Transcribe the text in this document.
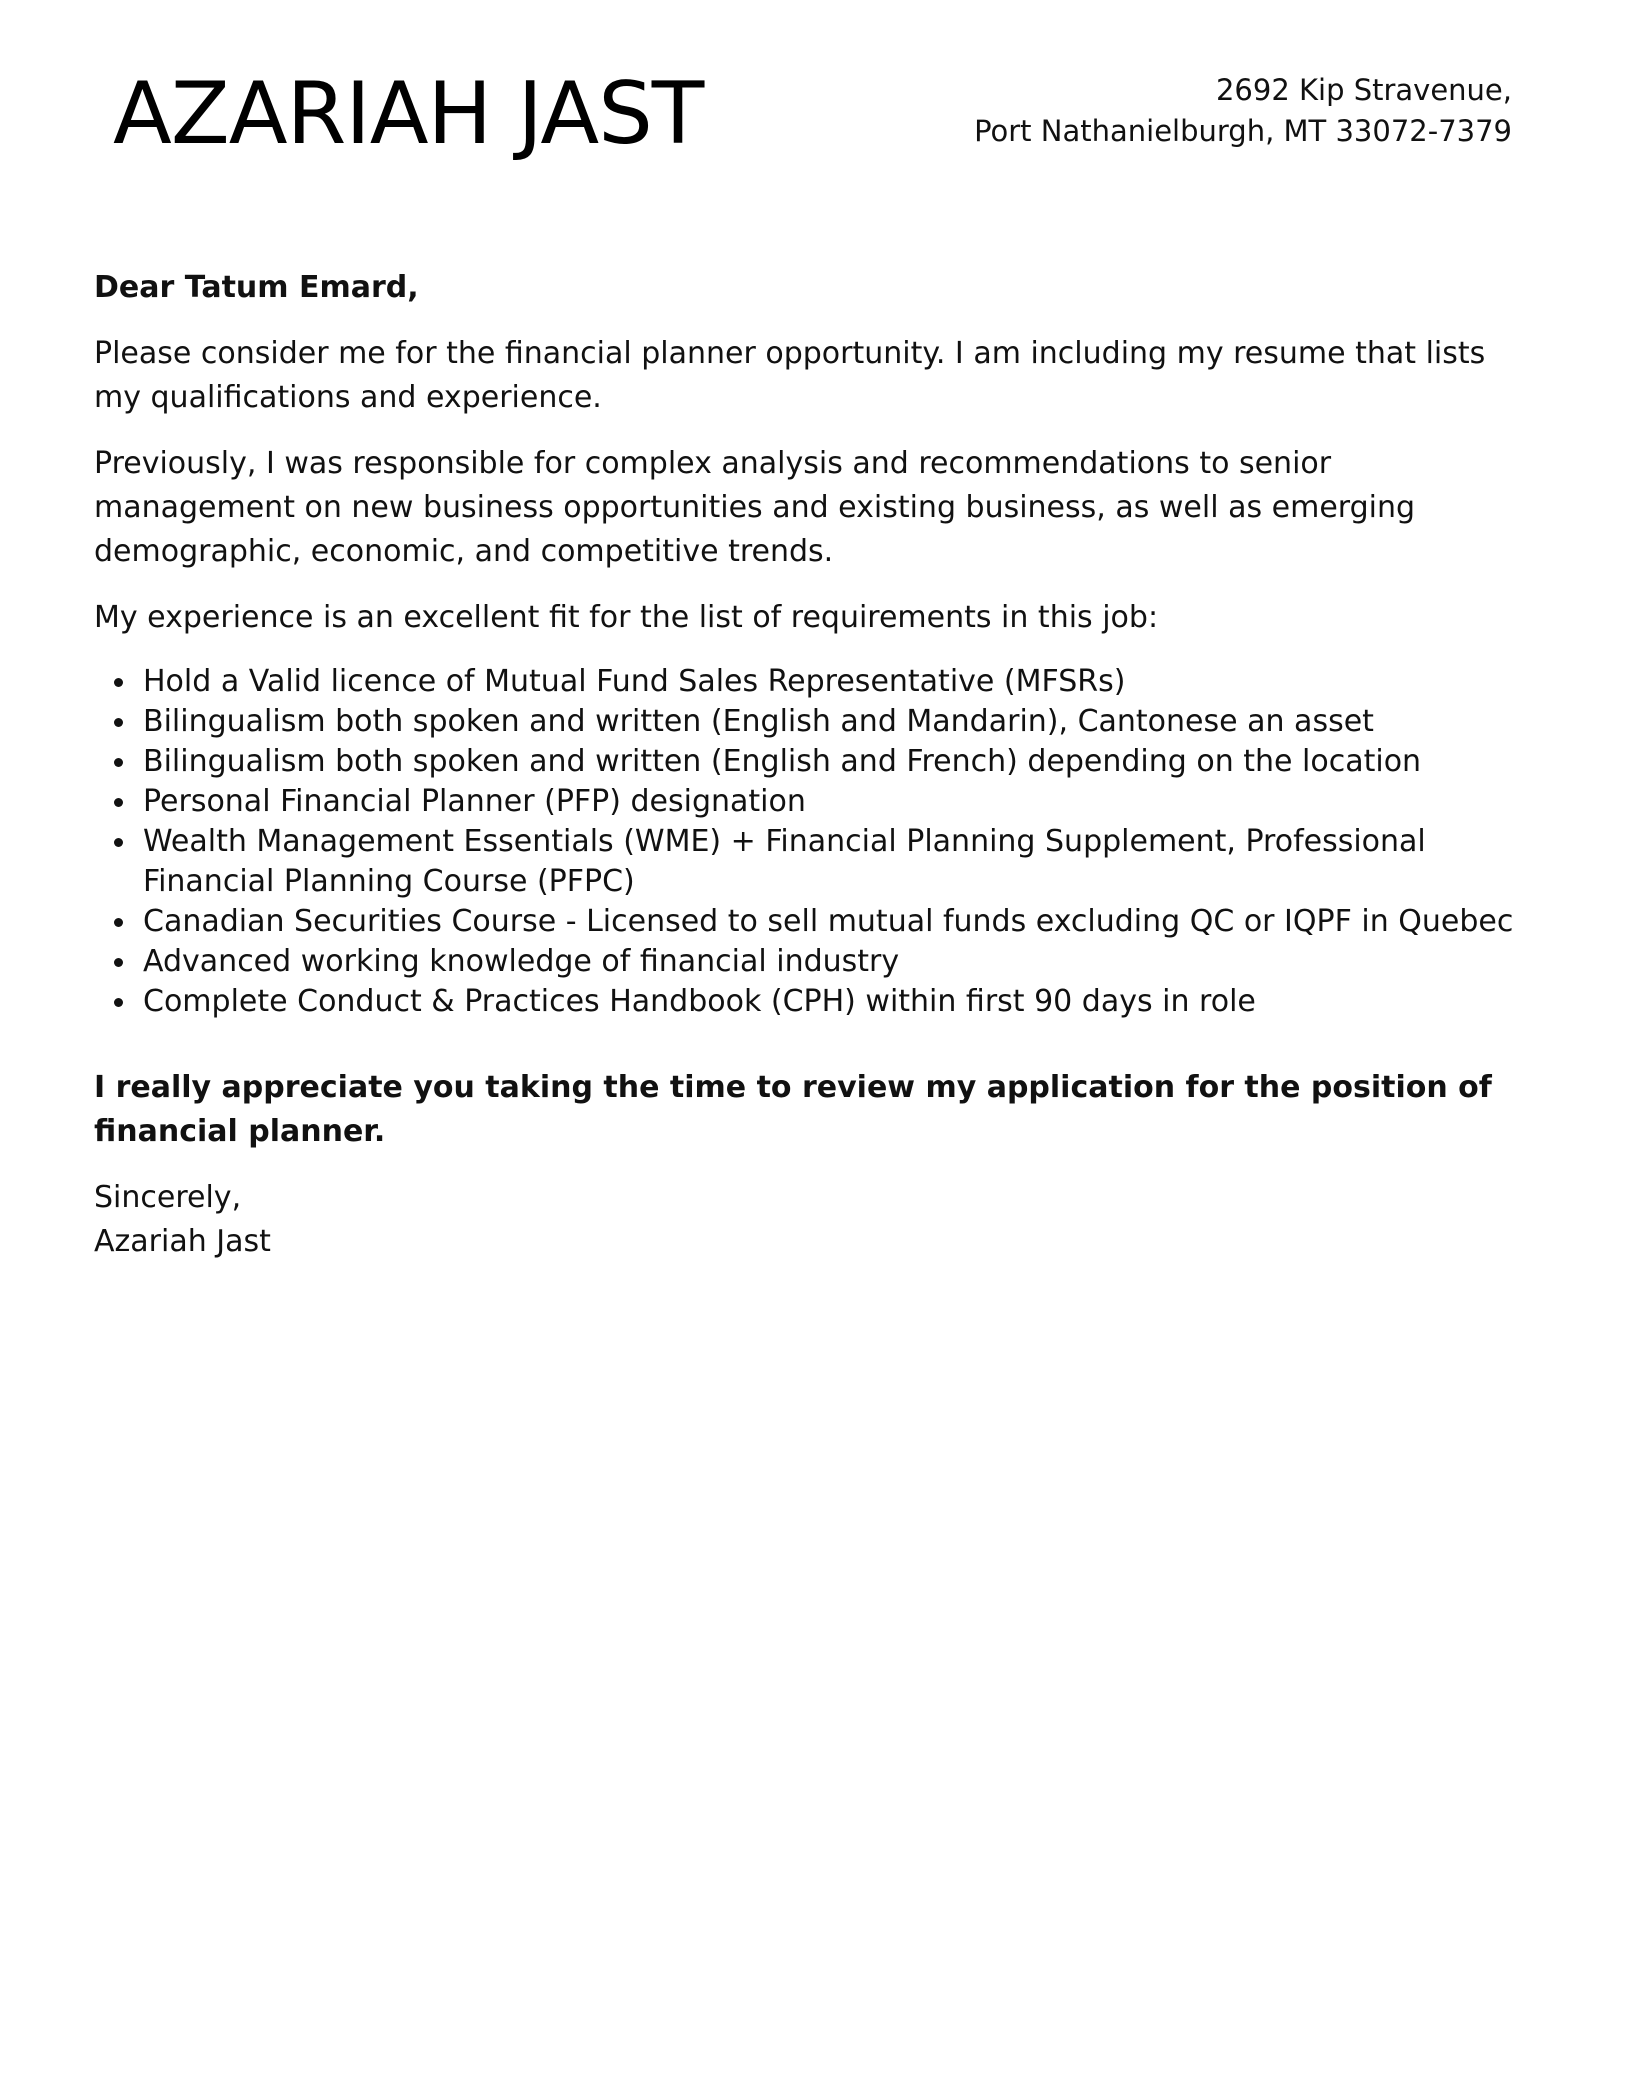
AZARIAH JAST	2692 Kip Stravenue,
Port Nathanielburgh, MT 33072-7379

Dear Tatum Emard,

Please consider me for the financial planner opportunity. I am including my resume that lists my qualifications and experience.

Previously, I was responsible for complex analysis and recommendations to senior management on new business opportunities and existing business, as well as emerging demographic, economic, and competitive trends.

My experience is an excellent fit for the list of requirements in this job:

Hold a Valid licence of Mutual Fund Sales Representative (MFSRs)
Bilingualism both spoken and written (English and Mandarin), Cantonese an asset
Bilingualism both spoken and written (English and French) depending on the location
Personal Financial Planner (PFP) designation
Wealth Management Essentials (WME) + Financial Planning Supplement, Professional Financial Planning Course (PFPC)
Canadian Securities Course - Licensed to sell mutual funds excluding QC or IQPF in Quebec
Advanced working knowledge of financial industry
Complete Conduct & Practices Handbook (CPH) within first 90 days in role

I really appreciate you taking the time to review my application for the position of financial planner.

Sincerely,
Azariah Jast
